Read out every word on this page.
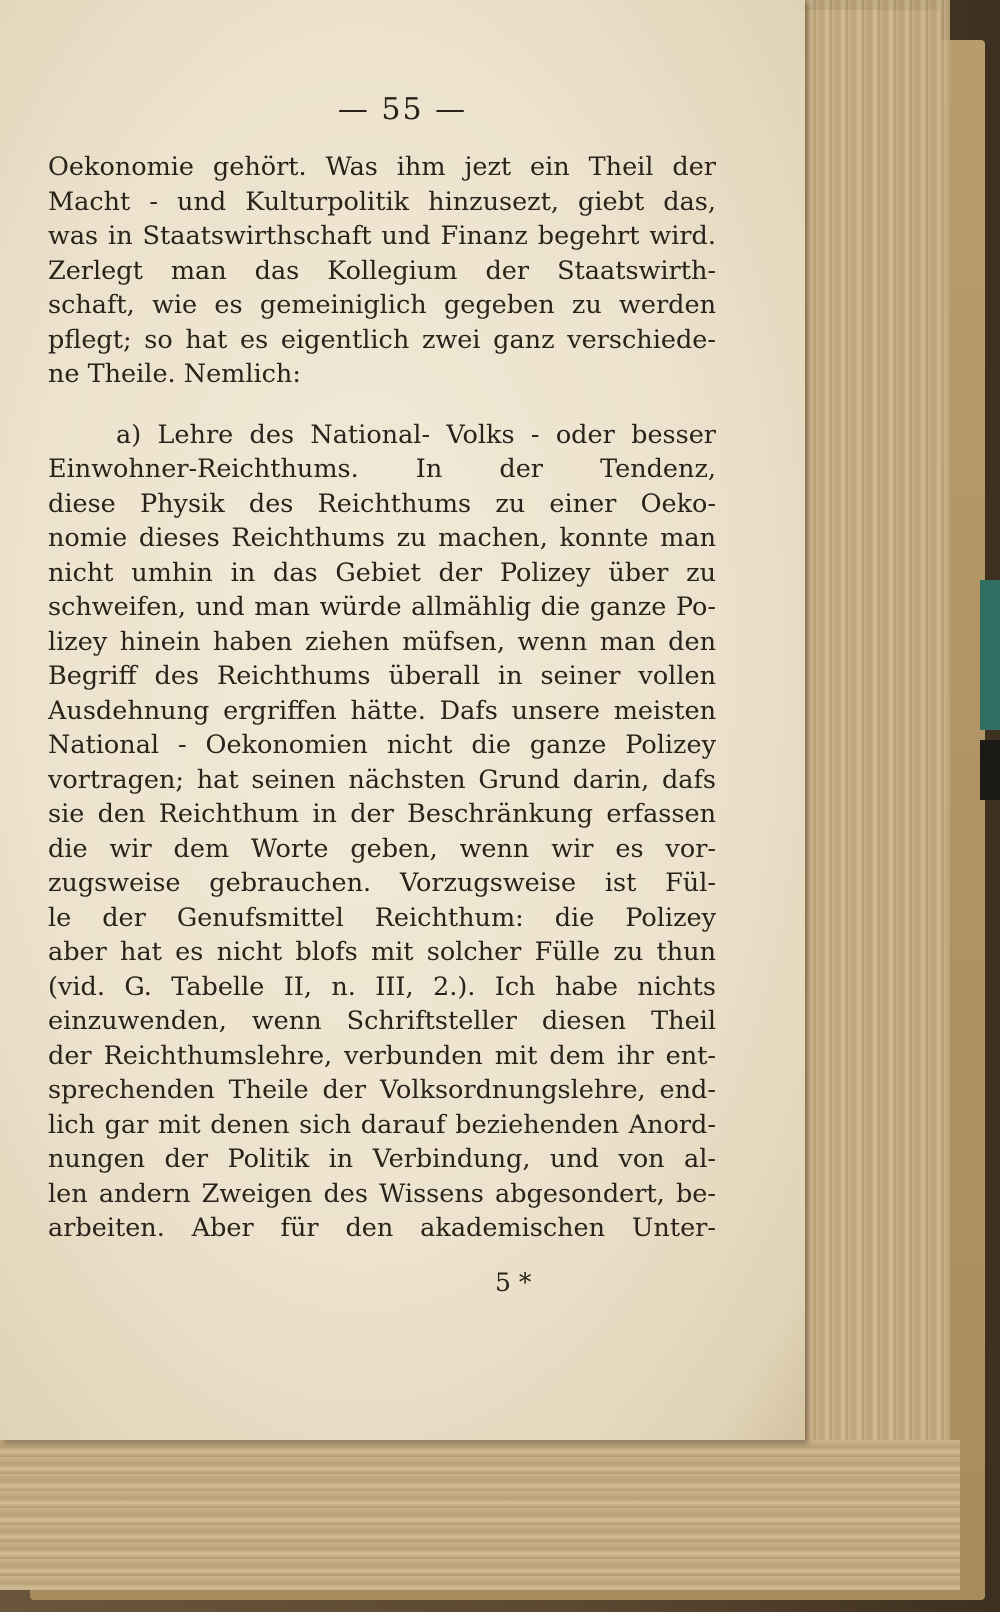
— 55 —
Oekonomie gehört. Was ihm jezt ein Theil der
Macht - und Kulturpolitik hinzusezt, giebt das,
was in Staatswirthschaft und Finanz begehrt wird.
Zerlegt man das Kollegium der Staatswirth-
schaft, wie es gemeiniglich gegeben zu werden
pflegt; so hat es eigentlich zwei ganz verschiede-
ne Theile. Nemlich:
a) Lehre des National- Volks - oder besser
Einwohner-Reichthums. In der Tendenz,
diese Physik des Reichthums zu einer Oeko-
nomie dieses Reichthums zu machen, konnte man
nicht umhin in das Gebiet der Polizey über zu
schweifen, und man würde allmählig die ganze Po-
lizey hinein haben ziehen müfsen, wenn man den
Begriff des Reichthums überall in seiner vollen
Ausdehnung ergriffen hätte. Dafs unsere meisten
National - Oekonomien nicht die ganze Polizey
vortragen; hat seinen nächsten Grund darin, dafs
sie den Reichthum in der Beschränkung erfassen
die wir dem Worte geben, wenn wir es vor-
zugsweise gebrauchen. Vorzugsweise ist Fül-
le der Genufsmittel Reichthum: die Polizey
aber hat es nicht blofs mit solcher Fülle zu thun
(vid. G. Tabelle II, n. III, 2.). Ich habe nichts
einzuwenden, wenn Schriftsteller diesen Theil
der Reichthumslehre, verbunden mit dem ihr ent-
sprechenden Theile der Volksordnungslehre, end-
lich gar mit denen sich darauf beziehenden Anord-
nungen der Politik in Verbindung, und von al-
len andern Zweigen des Wissens abgesondert, be-
arbeiten. Aber für den akademischen Unter-
5 *
